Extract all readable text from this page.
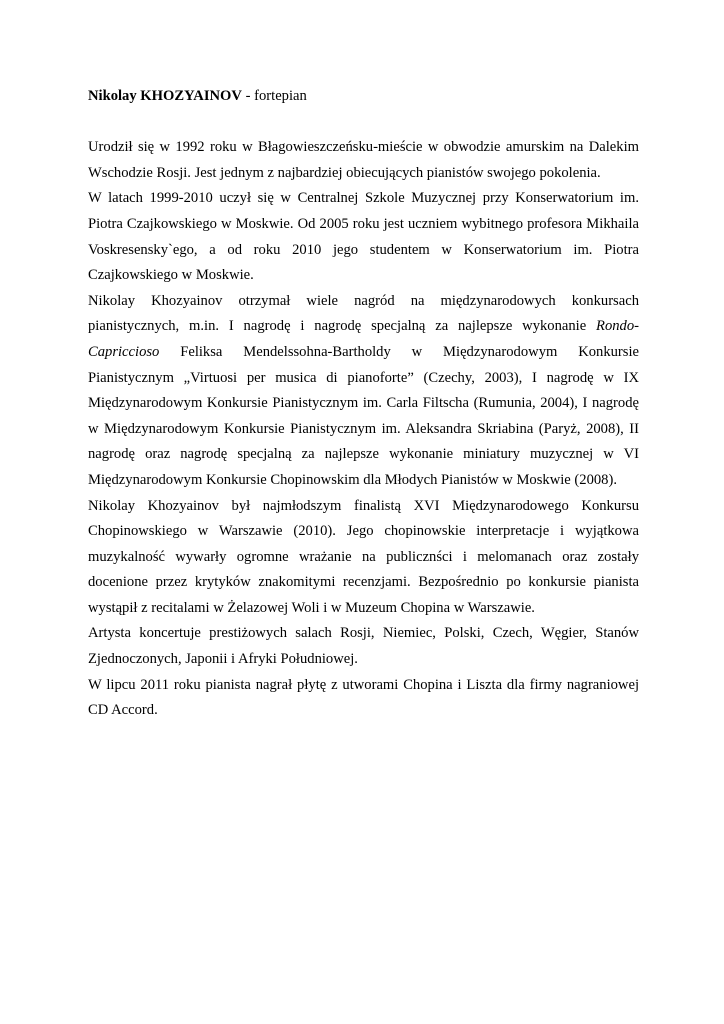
Nikolay KHOZYAINOV - fortepian

Urodził się w 1992 roku w Błagowieszczeńsku-mieście w obwodzie amurskim na Dalekim Wschodzie Rosji. Jest jednym z najbardziej obiecujących pianistów swojego pokolenia.

W latach 1999-2010 uczył się w Centralnej Szkole Muzycznej przy Konserwatorium im. Piotra Czajkowskiego w Moskwie. Od 2005 roku jest uczniem wybitnego profesora Mikhaila Voskresensky`ego, a od roku 2010 jego studentem w Konserwatorium im. Piotra Czajkowskiego w Moskwie.

Nikolay Khozyainov otrzymał wiele nagród na międzynarodowych konkursach pianistycznych, m.in. I nagrodę i nagrodę specjalną za najlepsze wykonanie Rondo-Capriccioso Feliksa Mendelssohna-Bartholdy w Międzynarodowym Konkursie Pianistycznym „Virtuosi per musica di pianoforte” (Czechy, 2003), I nagrodę w IX Międzynarodowym Konkursie Pianistycznym im. Carla Filtscha (Rumunia, 2004), I nagrodę w Międzynarodowym Konkursie Pianistycznym im. Aleksandra Skriabina (Paryż, 2008), II nagrodę oraz nagrodę specjalną za najlepsze wykonanie miniatury muzycznej w VI Międzynarodowym Konkursie Chopinowskim dla Młodych Pianistów w Moskwie (2008).

Nikolay Khozyainov był najmłodszym finalistą XVI Międzynarodowego Konkursu Chopinowskiego w Warszawie (2010). Jego chopinowskie interpretacje i wyjątkowa muzykalność wywarły ogromne wrażanie na publicznści i melomanach oraz zostały docenione przez krytyków znakomitymi recenzjami. Bezpośrednio po konkursie pianista wystąpił z recitalami w Żelazowej Woli i w Muzeum Chopina w Warszawie.

Artysta koncertuje prestiżowych salach Rosji, Niemiec, Polski, Czech, Węgier, Stanów Zjednoczonych, Japonii i Afryki Południowej.

W lipcu 2011 roku pianista nagrał płytę z utworami Chopina i Liszta dla firmy nagraniowej CD Accord.
